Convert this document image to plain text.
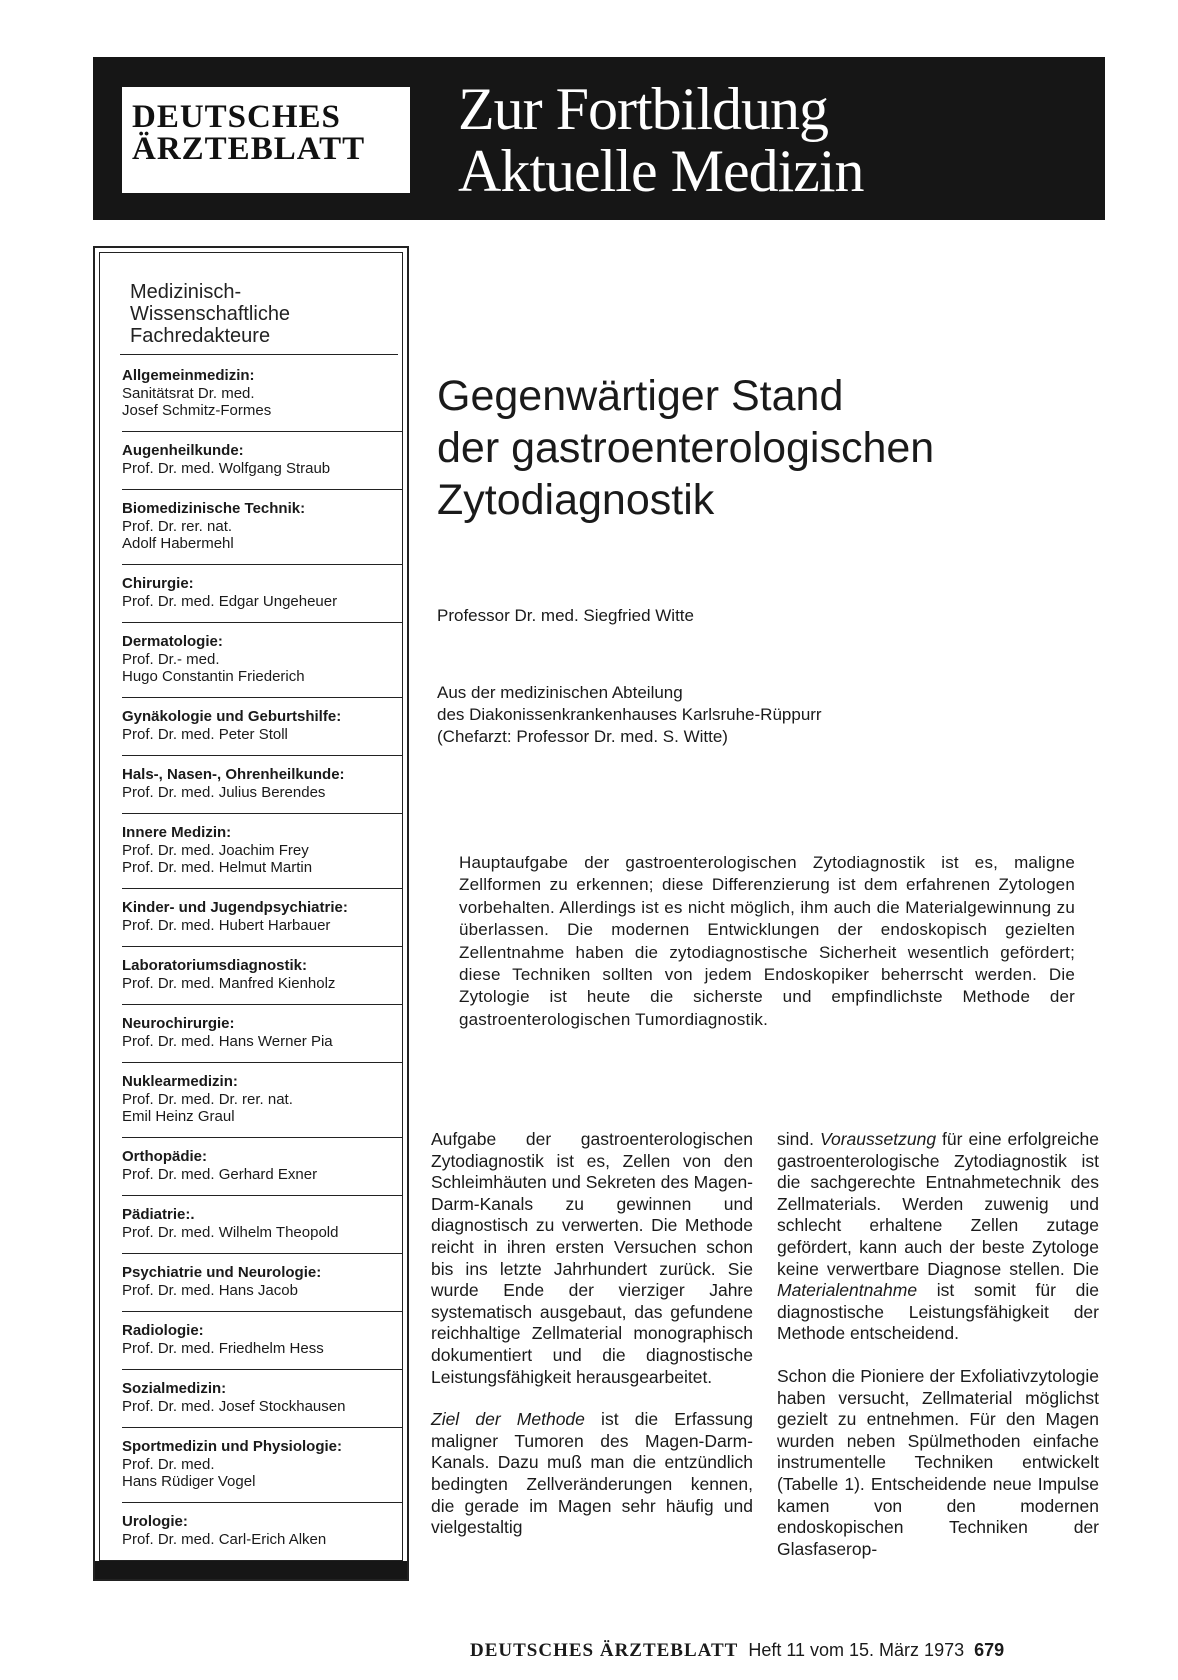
DEUTSCHES
ÄRZTEBLATT
Zur Fortbildung
Aktuelle Medizin
Medizinisch-
Wissenschaftliche
Fachredakteure
Allgemeinmedizin:
Sanitätsrat Dr. med.
Josef Schmitz-Formes
Augenheilkunde:
Prof. Dr. med. Wolfgang Straub
Biomedizinische Technik:
Prof. Dr. rer. nat.
Adolf Habermehl
Chirurgie:
Prof. Dr. med. Edgar Ungeheuer
Dermatologie:
Prof. Dr.- med.
Hugo Constantin Friederich
Gynäkologie und Geburtshilfe:
Prof. Dr. med. Peter Stoll
Hals-, Nasen-, Ohrenheilkunde:
Prof. Dr. med. Julius Berendes
Innere Medizin:
Prof. Dr. med. Joachim Frey
Prof. Dr. med. Helmut Martin
Kinder- und Jugendpsychiatrie:
Prof. Dr. med. Hubert Harbauer
Laboratoriumsdiagnostik:
Prof. Dr. med. Manfred Kienholz
Neurochirurgie:
Prof. Dr. med. Hans Werner Pia
Nuklearmedizin:
Prof. Dr. med. Dr. rer. nat.
Emil Heinz Graul
Orthopädie:
Prof. Dr. med. Gerhard Exner
Pädiatrie:.
Prof. Dr. med. Wilhelm Theopold
Psychiatrie und Neurologie:
Prof. Dr. med. Hans Jacob
Radiologie:
Prof. Dr. med. Friedhelm Hess
Sozialmedizin:
Prof. Dr. med. Josef Stockhausen
Sportmedizin und Physiologie:
Prof. Dr. med.
Hans Rüdiger Vogel
Urologie:
Prof. Dr. med. Carl-Erich Alken
Gegenwärtiger Stand
der gastroenterologischen
Zytodiagnostik
Professor Dr. med. Siegfried Witte
Aus der medizinischen Abteilung
des Diakonissenkrankenhauses Karlsruhe-Rüppurr
(Chefarzt: Professor Dr. med. S. Witte)
Hauptaufgabe der gastroenterologischen Zytodiagnostik ist es, maligne Zellformen zu erkennen; diese Differenzierung ist dem erfahrenen Zytologen vorbehalten. Allerdings ist es nicht möglich, ihm auch die Materialgewinnung zu überlassen. Die modernen Entwicklungen der endoskopisch gezielten Zellentnahme haben die zytodiagnostische Sicherheit wesentlich gefördert; diese Techniken sollten von jedem Endoskopiker beherrscht werden. Die Zytologie ist heute die sicherste und empfindlichste Methode der gastroenterologischen Tumordiagnostik.

Aufgabe der gastroenterologischen Zytodiagnostik ist es, Zellen von den Schleimhäuten und Sekreten des Magen-Darm-Kanals zu gewinnen und diagnostisch zu verwerten. Die Methode reicht in ihren ersten Versuchen schon bis ins letzte Jahrhundert zurück. Sie wurde Ende der vierziger Jahre systematisch ausgebaut, das gefundene reichhaltige Zellmaterial monographisch dokumentiert und die diagnostische Leistungsfähigkeit herausgearbeitet.

Ziel der Methode ist die Erfassung maligner Tumoren des Magen-Darm-Kanals. Dazu muß man die entzündlich bedingten Zellveränderungen kennen, die gerade im Magen sehr häufig und vielgestaltig

sind. Voraussetzung für eine erfolgreiche gastroenterologische Zytodiagnostik ist die sachgerechte Entnahmetechnik des Zellmaterials. Werden zuwenig und schlecht erhaltene Zellen zutage gefördert, kann auch der beste Zytologe keine verwertbare Diagnose stellen. Die Materialentnahme ist somit für die diagnostische Leistungsfähigkeit der Methode entscheidend.

Schon die Pioniere der Exfoliativzytologie haben versucht, Zellmaterial möglichst gezielt zu entnehmen. Für den Magen wurden neben Spülmethoden einfache instrumentelle Techniken entwickelt (Tabelle 1). Entscheidende neue Impulse kamen von den modernen endoskopischen Techniken der Glasfaserop-

DEUTSCHES ÄRZTEBLATT Heft 11 vom 15. März 1973 679
